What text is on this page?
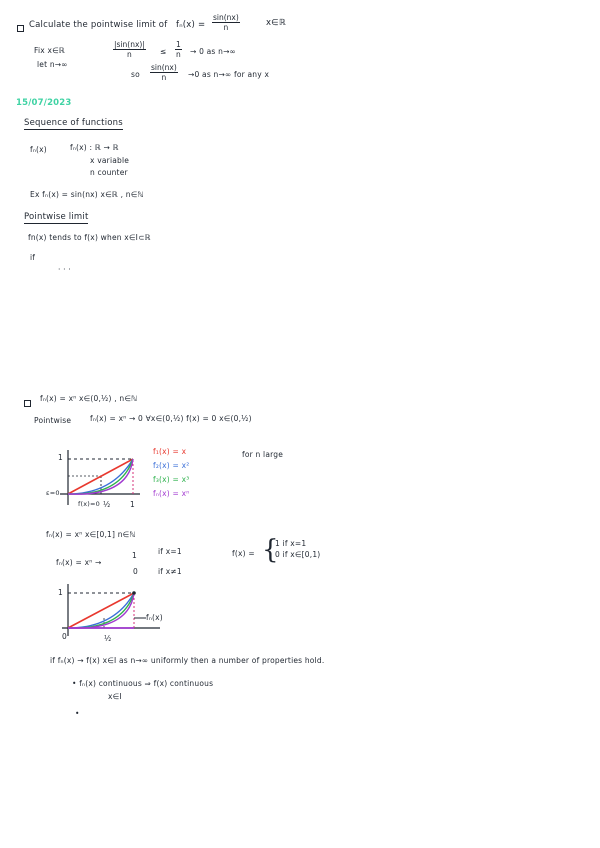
Calculate the pointwise limit of $f_n(x) = \frac{\sin(nx)}{n}$	x∈ℝ
Fix x∈ℝ
let n→∞
$\frac{|\sin(nx)|}{n} \le \frac{1}{n} \to 0$ as n→∞
so $\frac{\sin(nx)}{n} \to 0$ as n→∞ for any x
15/07/2023
Sequence of functions
fₙ(x)	fₙ(x) : ℝ → ℝ
x variable
n counter
Ex fₙ(x) = sin(nx) x∈ℝ , n∈ℕ
Pointwise limit
fn(x) tends to f(x) when x∈I⊂ℝ
if
· · ·
fₙ(x) = xⁿ x∈(0,½) , n∈ℕ
Pointwise	fₙ(x) = xⁿ → 0 ∀x∈(0,½) f(x) = 0 x∈(0,½)
1
ε=0
f(x)=0 ½	1
f₁(x) = x
f₂(x) = x²
f₃(x) = x³
fₙ(x) = xⁿ
for n large
fₙ(x) = xⁿ x∈[0,1] n∈ℕ
fₙ(x) = xⁿ →
1	if x=1
0	if x≠1
f(x) = {
1 if x=1
0 if x∈[0,1)
1
0	½
fₙ(x)
if fₙ(x) → f(x) x∈I as n→∞ uniformly then a number of properties hold.
• fₙ(x) continuous ⇒ f(x) continuous
x∈I
•
